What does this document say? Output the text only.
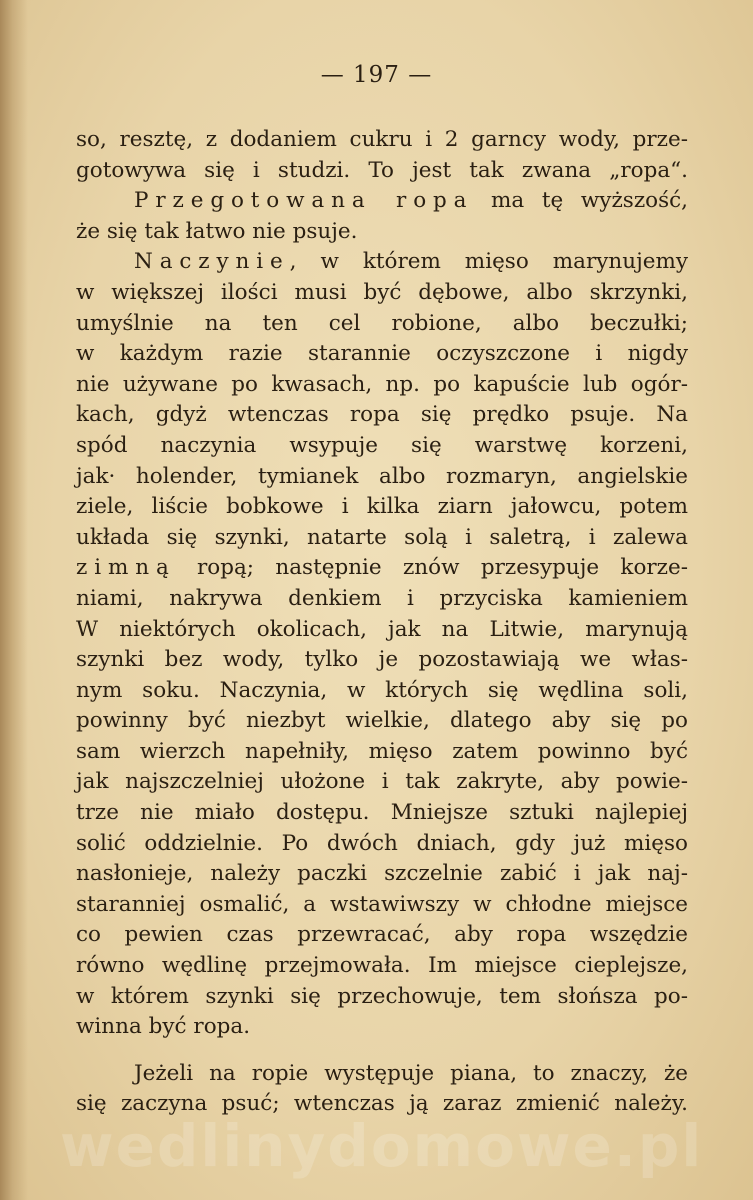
— 197 —
so, resztę, z dodaniem cukru i 2 garncy wody, prze-
gotowywa się i studzi. To jest tak zwana „ropa“.
Przegotowana ropa ma tę wyższość,
że się tak łatwo nie psuje.
Naczynie, w którem mięso marynujemy
w większej ilości musi być dębowe, albo skrzynki,
umyślnie na ten cel robione, albo beczułki;
w każdym razie starannie oczyszczone i nigdy
nie używane po kwasach, np. po kapuście lub ogór-
kach, gdyż wtenczas ropa się prędko psuje. Na
spód naczynia wsypuje się warstwę korzeni,
jak· holender, tymianek albo rozmaryn, angielskie
ziele, liście bobkowe i kilka ziarn jałowcu, potem
układa się szynki, natarte solą i saletrą, i zalewa
zimną ropą; następnie znów przesypuje korze-
niami, nakrywa denkiem i przyciska kamieniem
W niektórych okolicach, jak na Litwie, marynują
szynki bez wody, tylko je pozostawiają we włas-
nym soku. Naczynia, w których się wędlina soli,
powinny być niezbyt wielkie, dlatego aby się po
sam wierzch napełniły, mięso zatem powinno być
jak najszczelniej ułożone i tak zakryte, aby powie-
trze nie miało dostępu. Mniejsze sztuki najlepiej
solić oddzielnie. Po dwóch dniach, gdy już mięso
nasłonieje, należy paczki szczelnie zabić i jak naj-
staranniej osmalić, a wstawiwszy w chłodne miejsce
co pewien czas przewracać, aby ropa wszędzie
równo wędlinę przejmowała. Im miejsce cieplejsze,
w którem szynki się przechowuje, tem słońsza po-
winna być ropa.
Jeżeli na ropie występuje piana, to znaczy, że
się zaczyna psuć; wtenczas ją zaraz zmienić należy.
